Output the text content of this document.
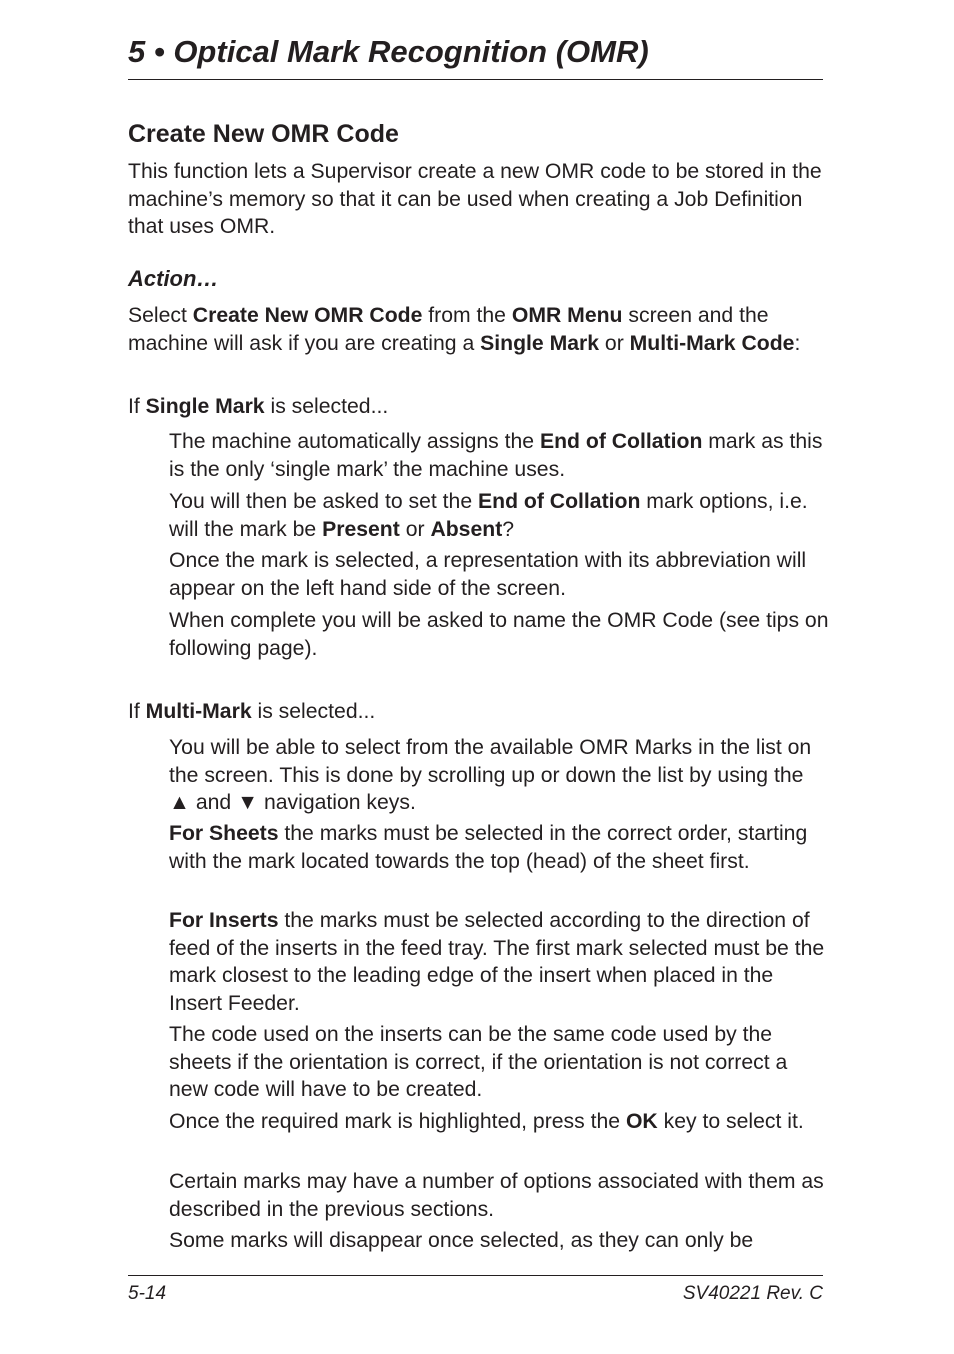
5 • Optical Mark Recognition (OMR)
Create New OMR Code

This function lets a Supervisor create a new OMR code to be stored in the machine’s memory so that it can be used when creating a Job Definition that uses OMR.

Action…

Select Create New OMR Code from the OMR Menu screen and the machine will ask if you are creating a Single Mark or Multi-Mark Code:

If Single Mark is selected...

The machine automatically assigns the End of Collation mark as this is the only ‘single mark’ the machine uses.

You will then be asked to set the End of Collation mark options, i.e. will the mark be Present or Absent?

Once the mark is selected, a representation with its abbreviation will appear on the left hand side of the screen.

When complete you will be asked to name the OMR Code (see tips on following page).

If Multi-Mark is selected...

You will be able to select from the available OMR Marks in the list on the screen. This is done by scrolling up or down the list by using the ▲ and ▼ navigation keys.

For Sheets the marks must be selected in the correct order, starting with the mark located towards the top (head) of the sheet first.

For Inserts the marks must be selected according to the direction of feed of the inserts in the feed tray. The first mark selected must be the mark closest to the leading edge of the insert when placed in the Insert Feeder.

The code used on the inserts can be the same code used by the sheets if the orientation is correct, if the orientation is not correct a new code will have to be created.

Once the required mark is highlighted, press the OK key to select it.

Certain marks may have a number of options associated with them as described in the previous sections.

Some marks will disappear once selected, as they can only be

5-14	SV40221 Rev. C
